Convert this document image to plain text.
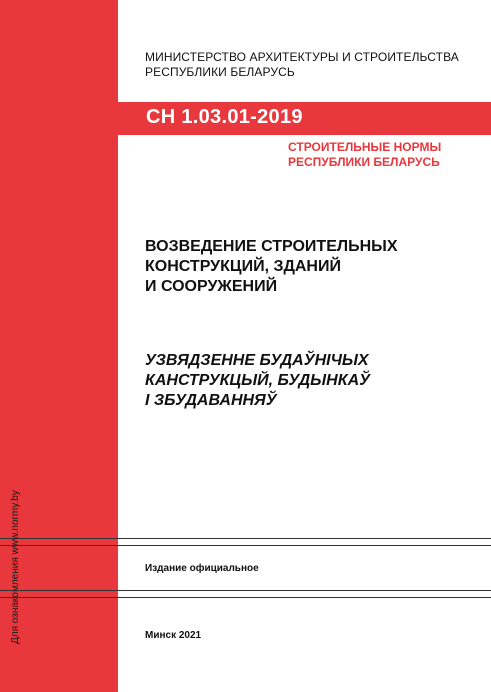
Для ознакомления www.normy.by
МИНИСТЕРСТВО АРХИТЕКТУРЫ И СТРОИТЕЛЬСТВА
РЕСПУБЛИКИ БЕЛАРУСЬ
СН 1.03.01-2019
СТРОИТЕЛЬНЫЕ НОРМЫ
РЕСПУБЛИКИ БЕЛАРУСЬ
ВОЗВЕДЕНИЕ СТРОИТЕЛЬНЫХ
КОНСТРУКЦИЙ, ЗДАНИЙ
И СООРУЖЕНИЙ
УЗВЯДЗЕННЕ БУДАЎНІЧЫХ
КАНСТРУКЦЫЙ, БУДЫНКАЎ
І ЗБУДАВАННЯЎ
Издание официальное
Минск 2021
